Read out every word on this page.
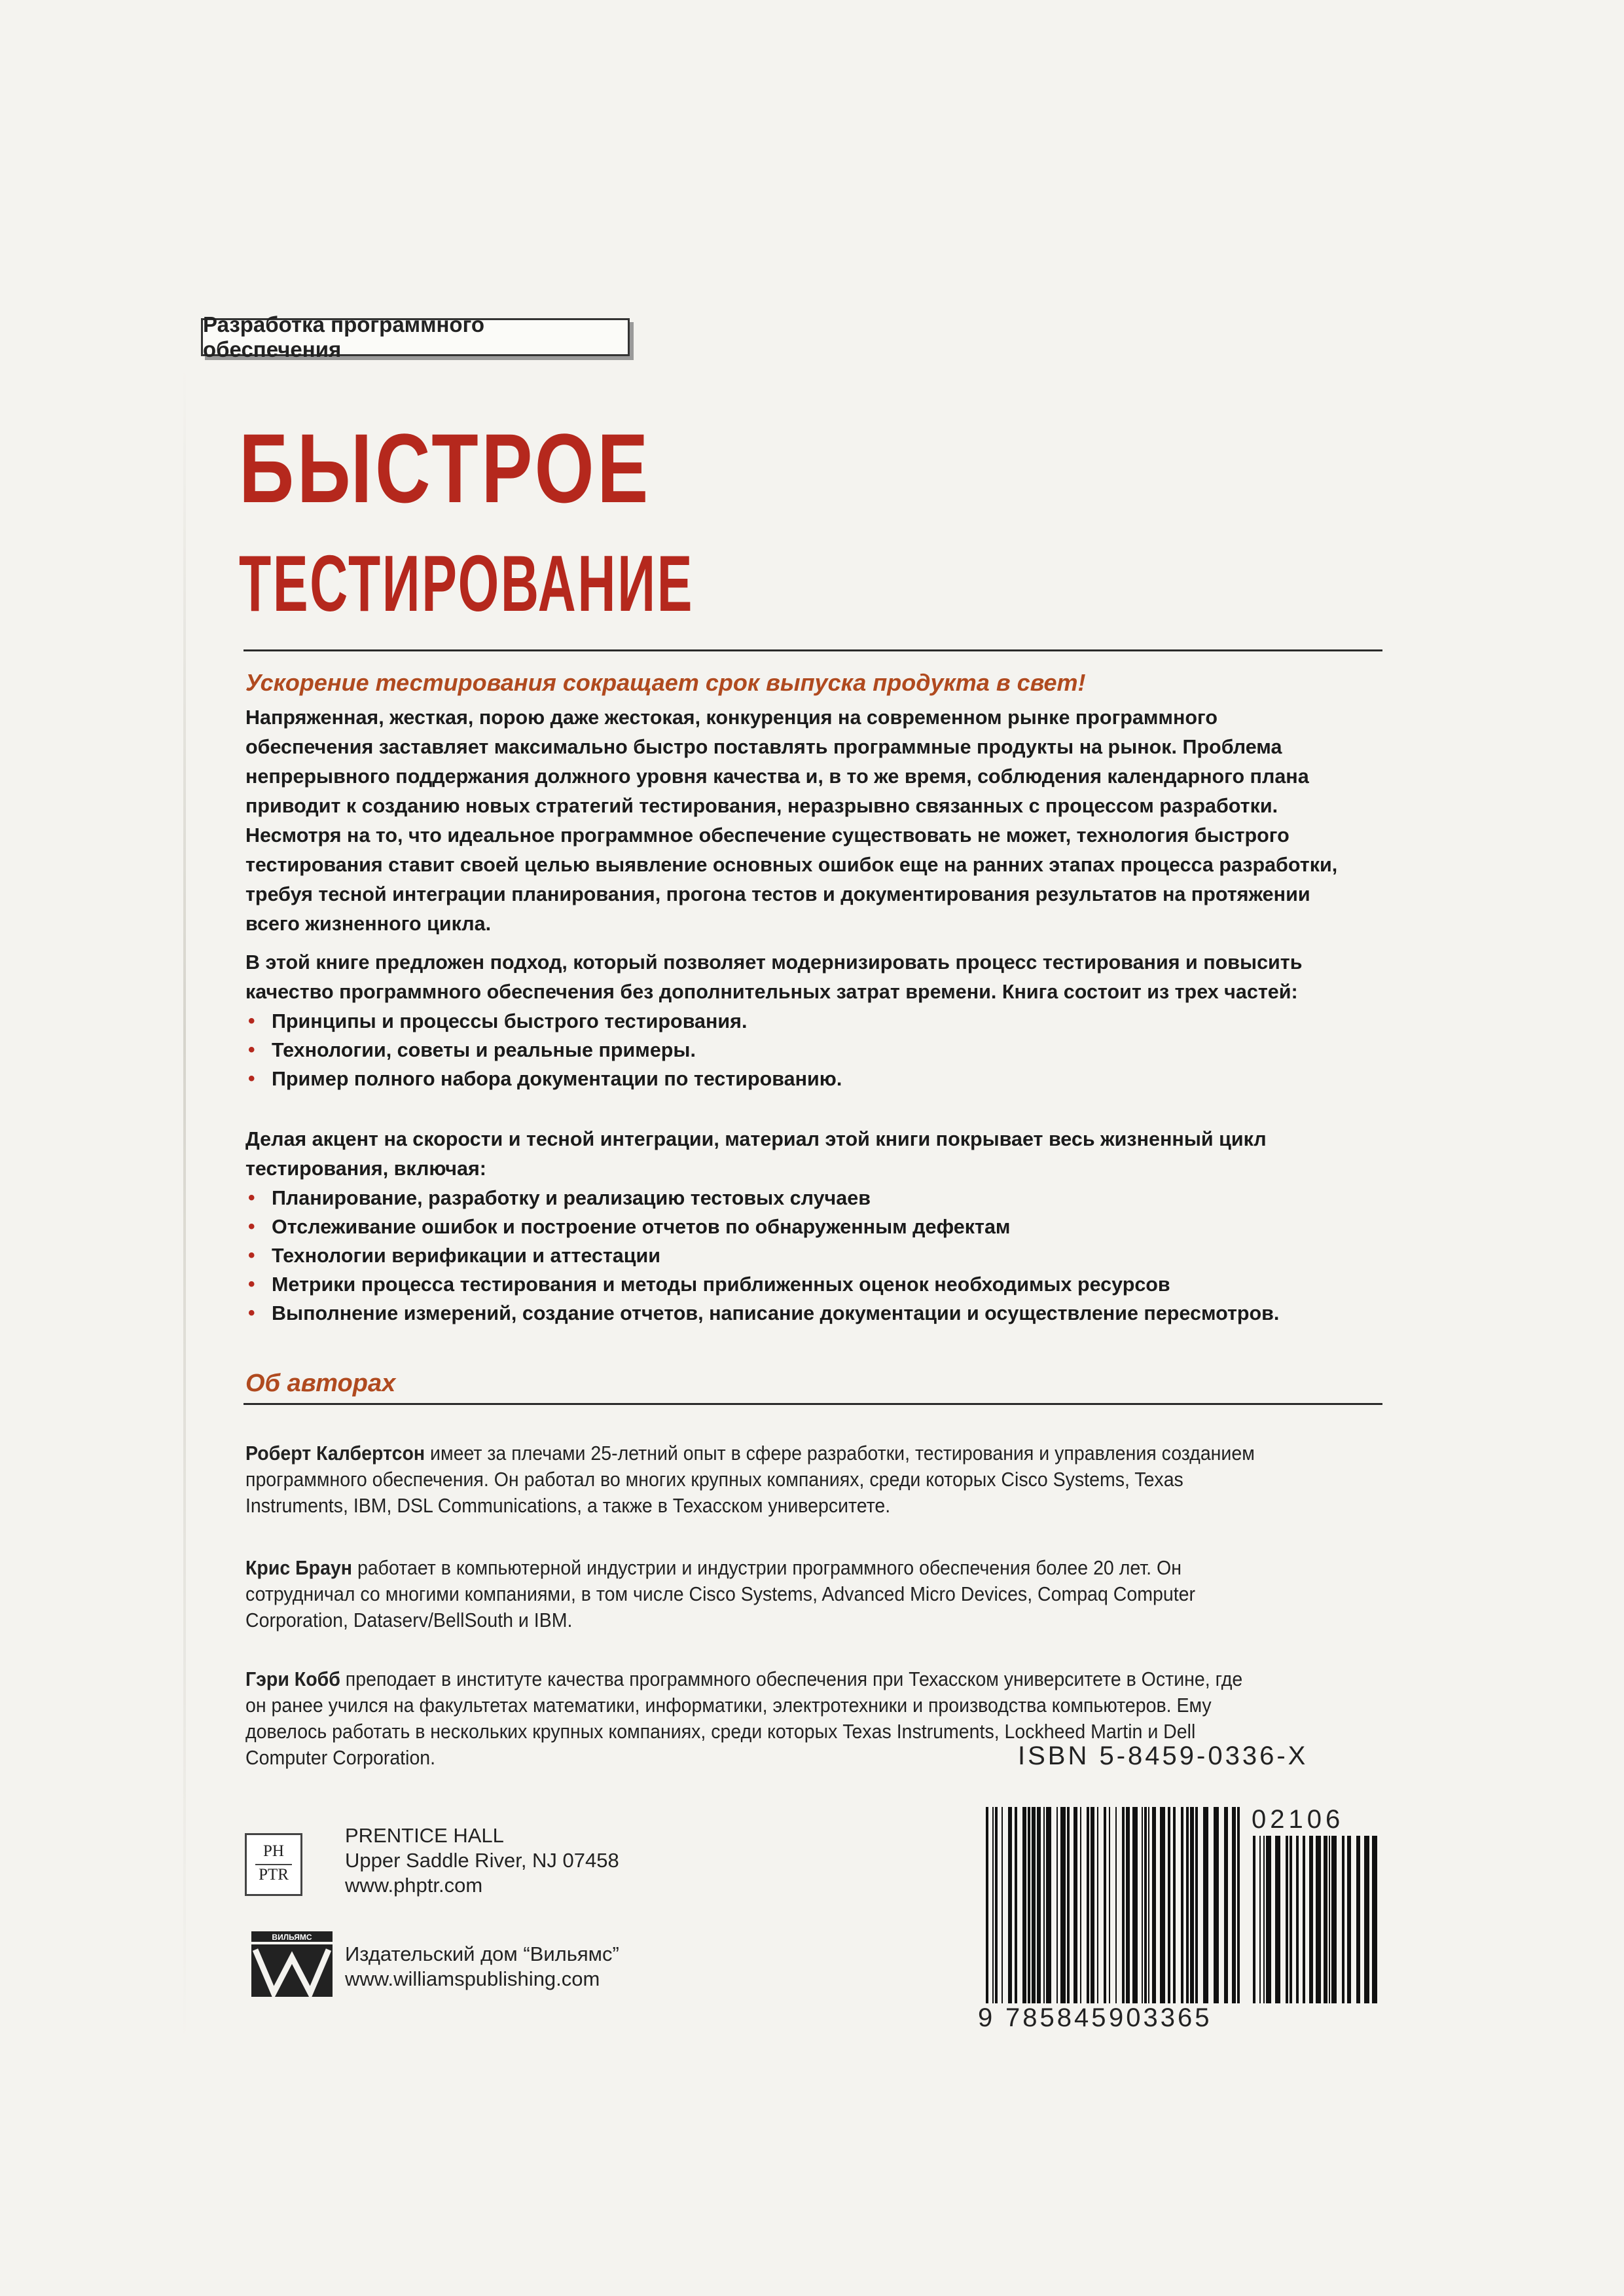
Разработка программного обеспечения
БЫСТРОЕ
ТЕСТИРОВАНИЕ
Ускорение тестирования сокращает срок выпуска продукта в свет!
Напряженная, жесткая, порою даже жестокая, конкуренция на современном рынке программного
обеспечения заставляет максимально быстро поставлять программные продукты на рынок. Проблема
непрерывного поддержания должного уровня качества и, в то же время, соблюдения календарного плана
приводит к созданию новых стратегий тестирования, неразрывно связанных с процессом разработки.
Несмотря на то, что идеальное программное обеспечение существовать не может, технология быстрого
тестирования ставит своей целью выявление основных ошибок еще на ранних этапах процесса разработки,
требуя тесной интеграции планирования, прогона тестов и документирования результатов на протяжении
всего жизненного цикла.
В этой книге предложен подход, который позволяет модернизировать процесс тестирования и повысить
качество программного обеспечения без дополнительных затрат времени. Книга состоит из трех частей:
• Принципы и процессы быстрого тестирования.
• Технологии, советы и реальные примеры.
• Пример полного набора документации по тестированию.
Делая акцент на скорости и тесной интеграции, материал этой книги покрывает весь жизненный цикл
тестирования, включая:
• Планирование, разработку и реализацию тестовых случаев
• Отслеживание ошибок и построение отчетов по обнаруженным дефектам
• Технологии верификации и аттестации
• Метрики процесса тестирования и методы приближенных оценок необходимых ресурсов
• Выполнение измерений, создание отчетов, написание документации и осуществление пересмотров.
Об авторах

Роберт Калбертсон имеет за плечами 25-летний опыт в сфере разработки, тестирования и управления созданием
программного обеспечения. Он работал во многих крупных компаниях, среди которых Cisco Systems, Texas
Instruments, IBM, DSL Communications, а также в Техасском университете.

Крис Браун работает в компьютерной индустрии и индустрии программного обеспечения более 20 лет. Он
сотрудничал со многими компаниями, в том числе Cisco Systems, Advanced Micro Devices, Compaq Computer
Corporation, Dataserv/BellSouth и IBM.

Гэри Кобб преподает в институте качества программного обеспечения при Техасском университете в Остине, где
он ранее учился на факультетах математики, информатики, электротехники и производства компьютеров. Ему
довелось работать в нескольких крупных компаниях, среди которых Texas Instruments, Lockheed Martin и Dell
Computer Corporation.	ISBN 5-8459-0336-X
PH
PTR
PRENTICE HALL
Upper Saddle River, NJ 07458
www.phptr.com
ВИЛЬЯМС
Издательский дом “Вильямс”
www.williamspublishing.com
02106
9 785845 903365
